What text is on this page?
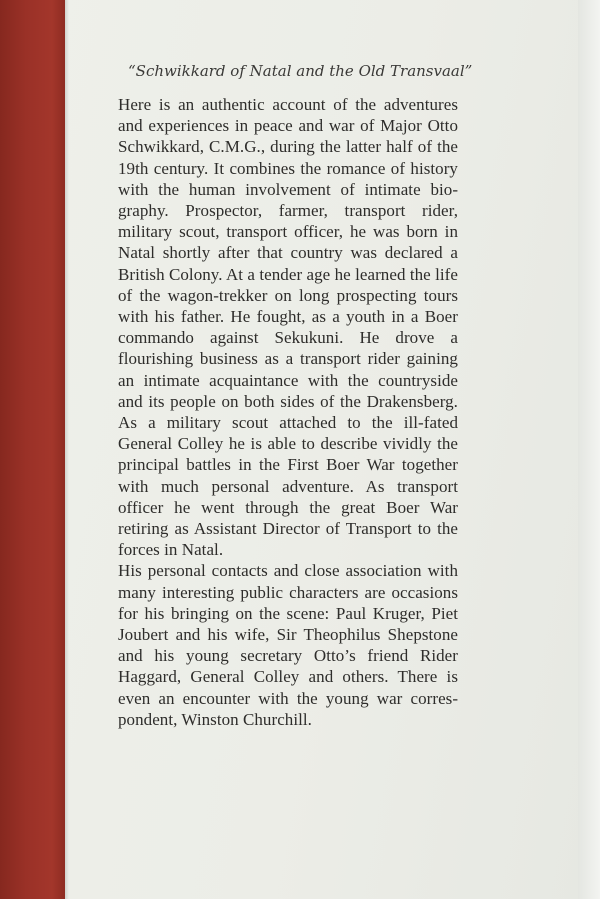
“Schwikkard of Natal and the Old Transvaal”

Here is an authentic account of the adventures and experiences in peace and war of Major Otto Schwikkard, C.M.G., during the latter half of the 19th century. It combines the romance of history with the human involvement of intimate biography. Prospector, farmer, transport rider, military scout, transport officer, he was born in Natal shortly after that country was declared a British Colony. At a tender age he learned the life of the wagon-trekker on long prospecting tours with his father. He fought, as a youth in a Boer commando against Sekukuni. He drove a flourishing business as a transport rider gaining an intimate acquaintance with the countryside and its people on both sides of the Drakensberg. As a military scout attached to the ill-fated General Colley he is able to describe vividly the principal battles in the First Boer War together with much personal adventure. As transport officer he went through the great Boer War retiring as Assistant Director of Transport to the forces in Natal.

His personal contacts and close association with many interesting public characters are occasions for his bringing on the scene: Paul Kruger, Piet Joubert and his wife, Sir Theophilus Shepstone and his young secretary Otto’s friend Rider Haggard, General Colley and others. There is even an encounter with the young war correspondent, Winston Churchill.
